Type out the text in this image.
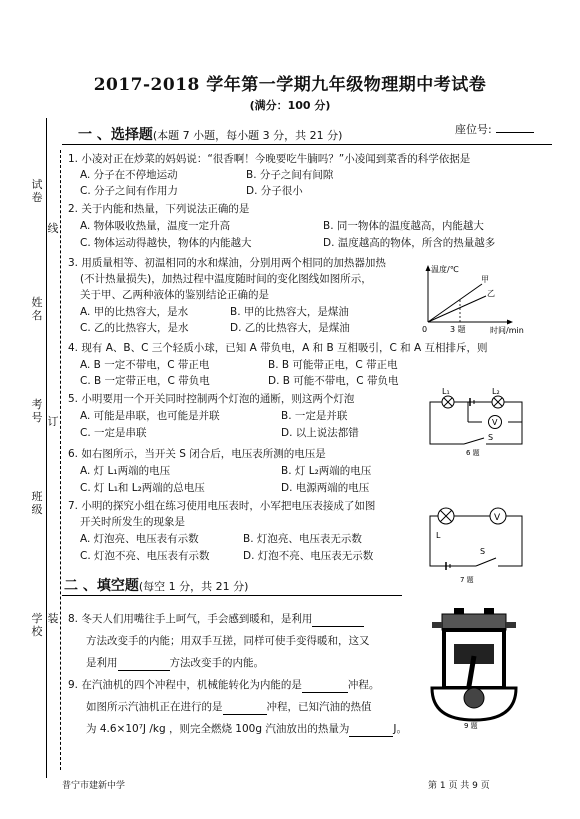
2017-2018 学年第一学期九年级物理期中考试卷
(满分：100 分)
座位号:
试卷
姓名
考号
班级
学校
线
订
装
一 、选择题(本题 7 小题，每小题 3 分，共 21 分)
1. 小凌对正在炒菜的妈妈说：“很香啊！今晚要吃牛腩吗？”小凌闻到菜香的科学依据是
A. 分子在不停地运动	B. 分子之间有间隙
C. 分子之间有作用力	D. 分子很小
2. 关于内能和热量，下列说法正确的是
A. 物体吸收热量，温度一定升高	B. 同一物体的温度越高，内能越大
C. 物体运动得越快，物体的内能越大	D. 温度越高的物体，所含的热量越多
3. 用质量相等、初温相同的水和煤油，分别用两个相同的加热器加热
(不计热量损失)，加热过程中温度随时间的变化图线如图所示，
关于甲、乙两种液体的鉴别结论正确的是
A. 甲的比热容大，是水	B. 甲的比热容大，是煤油
C. 乙的比热容大，是水	D. 乙的比热容大，是煤油
温度/℃
甲
乙
0	3 题	时间/min
4. 现有 A、B、C 三个轻质小球，已知 A 带负电，A 和 B 互相吸引，C 和 A 互相排斥，则
A. B 一定不带电，C 带正电	B. B 可能带正电，C 带正电
C. B 一定带正电，C 带负电	D. B 可能不带电，C 带负电
5. 小明要用一个开关同时控制两个灯泡的通断，则这两个灯泡
A. 可能是串联，也可能是并联	B. 一定是并联
C. 一定是串联	D. 以上说法都错
L₁	L₂
V
S
6 题
6. 如右图所示，当开关 S 闭合后，电压表所测的电压是
A. 灯 L₁两端的电压	B. 灯 L₂两端的电压
C. 灯 L₁和 L₂两端的总电压	D. 电源两端的电压
7. 小明的探究小组在练习使用电压表时，小军把电压表接成了如图
开关时所发生的现象是
A. 灯泡亮、电压表有示数	B. 灯泡亮、电压表无示数
C. 灯泡不亮、电压表有示数	D. 灯泡不亮、电压表无示数
V
L
S
7 题
二 、填空题(每空 1 分，共 21 分)
8. 冬天人们用嘴往手上呵气，手会感到暖和，是利用
方法改变手的内能；用双手互搓，同样可使手变得暖和，这又
是利用	方法改变手的内能。
9. 在汽油机的四个冲程中，机械能转化为内能的是	冲程。
如图所示汽油机正在进行的是	冲程，已知汽油的热值
为 4.6×10⁷J /kg ，则完全燃烧 100g 汽油放出的热量为	J。	9 题
普宁市建新中学	第 1 页 共 9 页
